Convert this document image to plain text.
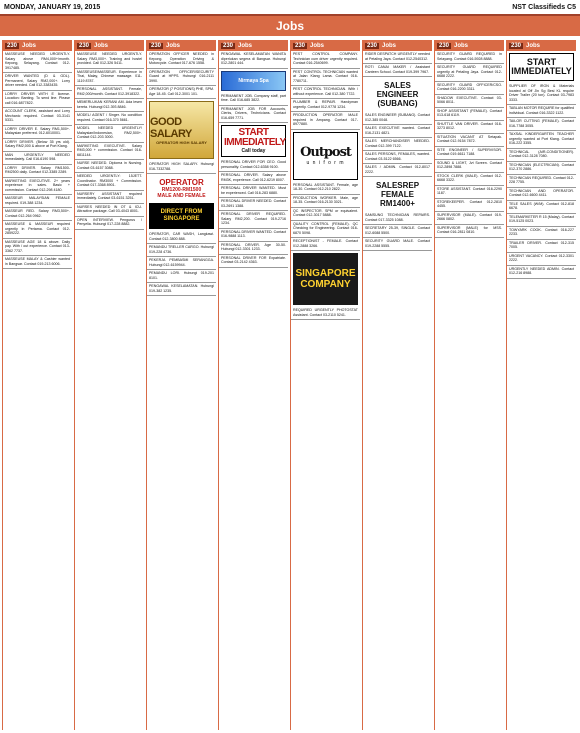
MONDAY, JANUARY 19, 2015	NST Classifieds C5
Jobs
230 Jobs
MASSEUSE NEEDED URGENTLY. Salary above RM4,000+/month. Kepong, Selayang. Contact 012-3917485.
DRIVER WANTED (D & GDL). Permanent, Salary RM2,000+. Lorry driver needed. Call 012-3383435.
LORRY DRIVER WITH E license. Location: Banting. To send line. Please call 016-6877822.
ACCOUNT CLERK, assistant and Lorry Mechanic required. Contact 03-3141 5331.
LORRY DRIVER E. Salary RM1,500+. Malaysian preferred. 012-6010001.
LORRY DRIVER. (Below 35 yrs old). Salary RM2,000 & above at Port Klang.
MAN URGENTLY NEEDED immediately. Call 016-6190 598.
LORRY DRIVER. Salary RM1500-RM2500 daily. Contact 012-3385 2289.
MARKETING EXECUTIVE. 2+ years experience in sales. Basic + commission. Contact 012-298 4180.
MASSEUR MALAYSIAN FEMALE required. 019-388 1234.
MASSEUR RED. Salary RM3,500+. Contact 012-264 0962.
MASSEUSE & MASSEUR required urgently in Pertama. Contact 012-2859222.
MASSEUSE AGE 18 & above. Daily pay. With / out experience. Contact 013-3362 7737.
MASSEUSE MALAY & Cashier wanted in Bangsar. Contact 019-213 6006.
230 Jobs
MASSEUSE NEEDED URGENTLY. Salary RM3,000+. Training and hostel provided. Call 012-326 5411.
MASSEUSE/MASSEUR. Experience in Thai, Malay, Chinese massage. 011-1119 8787.
PERSONAL ASSISTANT. Female, RM2,000/month. Contact 012-3918322.
MEMERLUKAN KERANI AM. Ada lesen kereta. Hubungi 012-393 8846.
MODEL/ AGENT / Singer. No condition required. Contact 016-370 5661.
MODEL NEEDED URGENTLY! Malaysian/Indonesian, RM2,500+. Contact 012-203 3000.
MARKETING EXECUTIVE. Salary RM3,000 + commission. Contact 016-6811144.
NURSE NEEDED. Diploma in Nursing. Contact 03-6157 3088.
NEEDED URGENTLY: 15JETT. Coordinator. RM3000 + Commission. Contact 017-3368 8901.
NURSERY ASSISTANT required immediately. Contact 03-6151 3251.
NURSES NEEDED IN OT & ICU. Attractive package. Call 03-4043 8001.
OPEN INTERVIEW. Pengurus / Penyelia. Hubungi 017-228 8882.
230 Jobs
OPERATION OFFICER NEEDED in Kepong. Operation Driving & Motorcycle. Contact 017-676 1558.
OPERATION OFFICER/SECURITY Guard at HPPS. Hubungi 016-2111 3990.
OPERATOR (7 POSITIONS) PHE, SPM. Age 18-45. Call 012-3001 101.
GOOD SALARY
OPERATOR HIGH SALARY
OPERATOR HIGH SALARY. Hubungi 016-7332788.
OPERATOR
RM1200-RM1500
MALE AND FEMALE
DIRECT FROM SINGAPORE
OPERATOR, CAR WASH, Langkawi. Contact 012-3800 888.
PEMANDU TRELLER CARGO. Hubungi 019-228 4736.
PEKERJA PEMBASMI SERANGGA. Hubungi 012-6159944.
PEMANDU LORI. Hubungi 019-201 8101.
PENGAWAL KESELAMATAN. Hubungi 019-382 1235.
230 Jobs
PENGAWAL KESELAMATAN WANITA diperlukan segera di Bangsar. Hubungi 012-2801 444.
Nirmaya Spa
PERMANENT JOB. Company staff, part time. Call 016-685 3822.
PERMANENT JOB FOR Accounts, Clerks, Drivers, Technicians. Contact 016-659 7771.
START IMMEDIATELY
Call today
PERSONAL DRIVER FOR CEO. Good personality. Contact 012-6358 9100.
PERSONAL DRIVER. Salary above RM3K, experience. Call 012-6219 8007.
PERSONAL DRIVER WANTED. Must be experienced. Call 016-283 6880.
PERSONAL DRIVER NEEDED. Contact 03-2691 1388.
PERSONAL DRIVER REQUIRED. Salary RM2,200. Contact 019-2716 1234.
PERSONAL DRIVER WANTED. Contact 016-9888 1113.
PERSONAL DRIVER. Age 30-50. Hubungi 012-3301 1233.
PERSONAL DRIVER FOR Expatriate. Contact 03-2142 4363.
230 Jobs
PEST CONTROL COMPANY. Technician cum driver urgently required. Contact 016-2540699.
PEST CONTROL TECHNICIAN wanted at Jalan Klang Lama. Contact 016-7780711.
PEST CONTROL TECHNICIAN. With / without experience. Call 012-380 7722.
PLUMBER & REPAIR. Handyman urgently. Contact 012-9778 1234.
PRODUCTION OPERATOR MALE required in Ampang. Contact 017-8977880.
Outpost
u n i f o r m
PERSONAL ASSISTANT. Female, age 18-30. Contact 012-210 2822.
PRODUCTION WORKER. Male, age 18-35. Contact 016-2130 3021.
QC INSPECTOR. SPM or equivalent. Contact 012-3017 5888.
QUALITY CONTROL (FEMALE). QC Checking for Engineering. Contact 016-6870 5098.
RECEPTIONIST - FEMALE. Contact 012-2888 3266.
SINGAPORE COMPANY
REQUIRED URGENTLY PHOTOSTAT Assistant. Contact 03-2110 5241.
230 Jobs
RIDER DESPATCH URGENTLY needed at Petaling Jaya. Contact 012-2540312.
ROTI CANAI MAKER / Assistant Canteen School. Contact 019-399 7967.
SALES ENGINEER (SUBANG)
SALES ENGINEER (SUBANG). Contact 012-385 0048.
SALES EXECUTIVE wanted. Contact 016-2131 4821.
SALES MERCHANDISER NEEDED. Contact 012-399 7122.
SALES PERSONS, FEMALES, wanted. Contact 03-5122 6566.
SALES / ADMIN. Contact 012-8017 2222.
SALESREP FEMALE RM1400+
SAMSUNG TECHNICIAN REPAIRS. Contact 017-3325 1088.
SECRETARY 25-39, SINGLE. Contact 012-6088 5500.
SECURITY GUARD MALE. Contact 019-2288 5555.
230 Jobs
SECURITY GUARD REQUIRED in Selayang. Contact 016-5928 8888.
SECURITY GUARD REQUIRED urgently at Petaling Jaya. Contact 012-6688 2222.
SECURITY GUARD OFFICER/CSO. Contact 016-2200 3311.
SHADOW EXECUTIVE. Contact 03-5066 8011.
SHOP ASSISTANT (FEMALE). Contact 013-618 6119.
SHUTTLE VAN DRIVER. Contact 016-3273 8012.
SITUATION VACANT AT Setapak. Contact 012-9154 7872.
SITE ENGINEER / SUPERVISOR. Contact 019-6611 7188.
SOUND & LIGHT, Jvt Screen. Contact 012-2898 7888.
STOCK CLERK (MALE). Contact 012-6668 3322.
STORE ASSISTANT. Contact 016-2290 1187.
STOREKEEPER. Contact 012-2810 4455.
SUPERVISOR (MALE). Contact 019-2666 0802.
SUPERVISOR (MALE) for MSS. Contact 016-2811 0810.
230 Jobs
START IMMEDIATELY
SUPPLIER OF IRON & Materials located at Off Jln Sg Besi KL require Driver Trailer (20 ton). Contact 03-7983 3333.
TABLAN MOTOR REQUIRE for qualified individual. Contact 016-3322 1122.
TAILOR CUTTING (FEMALE). Contact 016-7788 3055.
TAXSAL KINDERGARTEN TEACHER urgently wanted at Port Klang. Contact 016-222 3355.
TECHNICAL (AIR-CONDITIONER). Contact 012-3128 7080.
TECHNICIAN (ELECTRICIAN). Contact 012-370 2886.
TECHNICIAN REQUIRED. Contact 012-228 7755.
TECHNICIAN AND OPERATOR. Contact 012-6600 4411.
TELE SALES (W/M). Contact 012-818 6678.
TELEMARKETER R 15 (Malay). Contact 019-5125 0023.
TOWYARK COOK. Contact 016-227 2233.
TRAILER DRIVER. Contact 012-315 7005.
URGENT VACANCY. Contact 012-3301 2222.
URGENTLY NEEDED ADMIN. Contact 012-216 8988.
